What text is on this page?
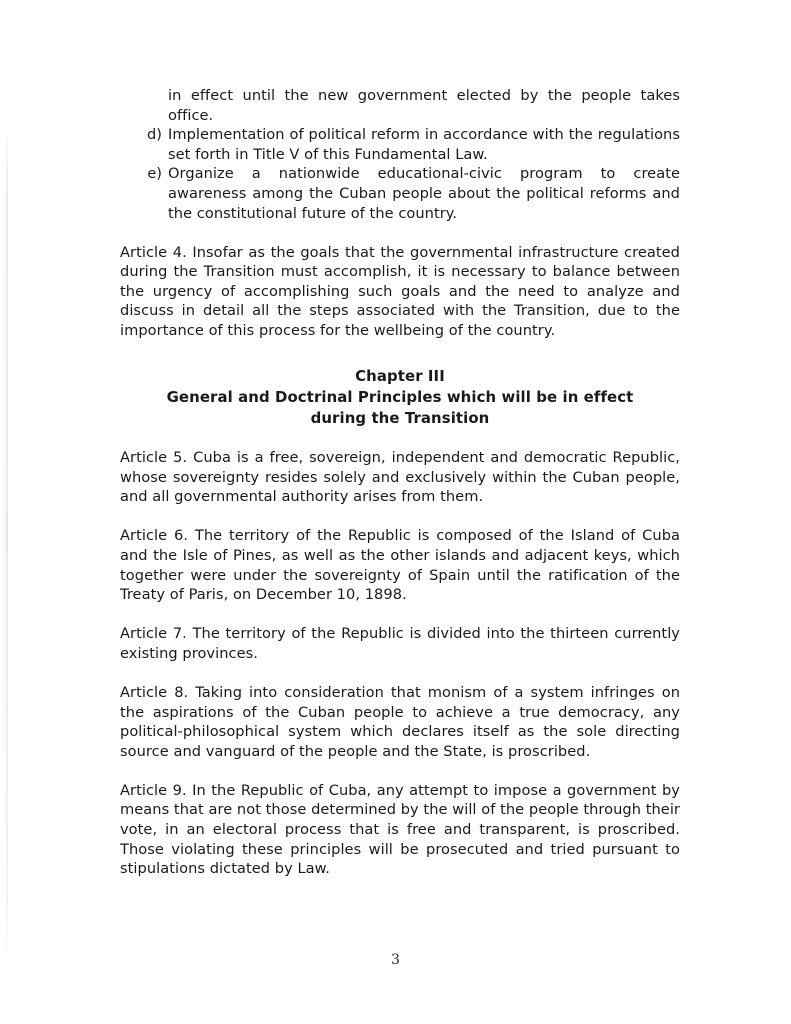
in effect until the new government elected by the people takes office.

d) Implementation of political reform in accordance with the regulations set forth in Title V of this Fundamental Law.
e) Organize a nationwide educational-civic program to create awareness among the Cuban people about the political reforms and the constitutional future of the country.

Article 4. Insofar as the goals that the governmental infrastructure created during the Transition must accomplish, it is necessary to balance between the urgency of accomplishing such goals and the need to analyze and discuss in detail all the steps associated with the Transition, due to the importance of this process for the wellbeing of the country.

Chapter III
General and Doctrinal Principles which will be in effect
during the Transition

Article 5. Cuba is a free, sovereign, independent and democratic Republic, whose sovereignty resides solely and exclusively within the Cuban people, and all governmental authority arises from them.

Article 6. The territory of the Republic is composed of the Island of Cuba and the Isle of Pines, as well as the other islands and adjacent keys, which together were under the sovereignty of Spain until the ratification of the Treaty of Paris, on December 10, 1898.

Article 7. The territory of the Republic is divided into the thirteen currently existing provinces.

Article 8. Taking into consideration that monism of a system infringes on the aspirations of the Cuban people to achieve a true democracy, any political-philosophical system which declares itself as the sole directing source and vanguard of the people and the State, is proscribed.

Article 9. In the Republic of Cuba, any attempt to impose a government by means that are not those determined by the will of the people through their vote, in an electoral process that is free and transparent, is proscribed. Those violating these principles will be prosecuted and tried pursuant to stipulations dictated by Law.

3
